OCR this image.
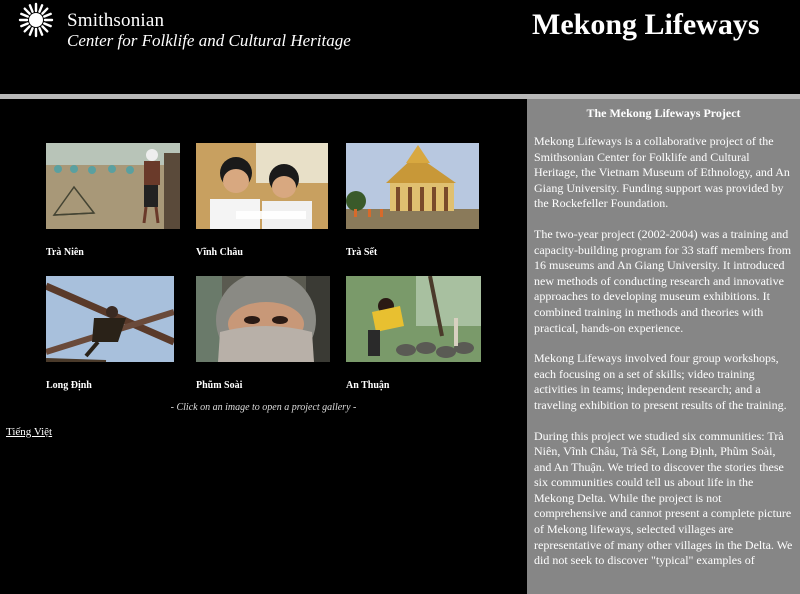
Smithsonian
Center for Folklife and Cultural Heritage	Mekong Lifeways
Trà Niên	Vĩnh Châu	Trà Sết
Long Định	Phũm Soài	An Thuận
- Click on an image to open a project gallery -
Tiếng Việt
The Mekong Lifeways Project

Mekong Lifeways is a collaborative project of the Smithsonian Center for Folklife and Cultural Heritage, the Vietnam Museum of Ethnology, and An Giang University. Funding support was provided by the Rockefeller Foundation.

The two-year project (2002-2004) was a training and capacity-building program for 33 staff members from 16 museums and An Giang University. It introduced new methods of conducting research and innovative approaches to developing museum exhibitions. It combined training in methods and theories with practical, hands-on experience.

Mekong Lifeways involved four group workshops, each focusing on a set of skills; video training activities in teams; independent research; and a traveling exhibition to present results of the training.

During this project we studied six communities: Trà Niên, Vĩnh Châu, Trà Sết, Long Định, Phũm Soài, and An Thuận. We tried to discover the stories these six communities could tell us about life in the Mekong Delta. While the project is not comprehensive and cannot present a complete picture of Mekong lifeways, selected villages are representative of many other villages in the Delta. We did not seek to discover "typical" examples of
